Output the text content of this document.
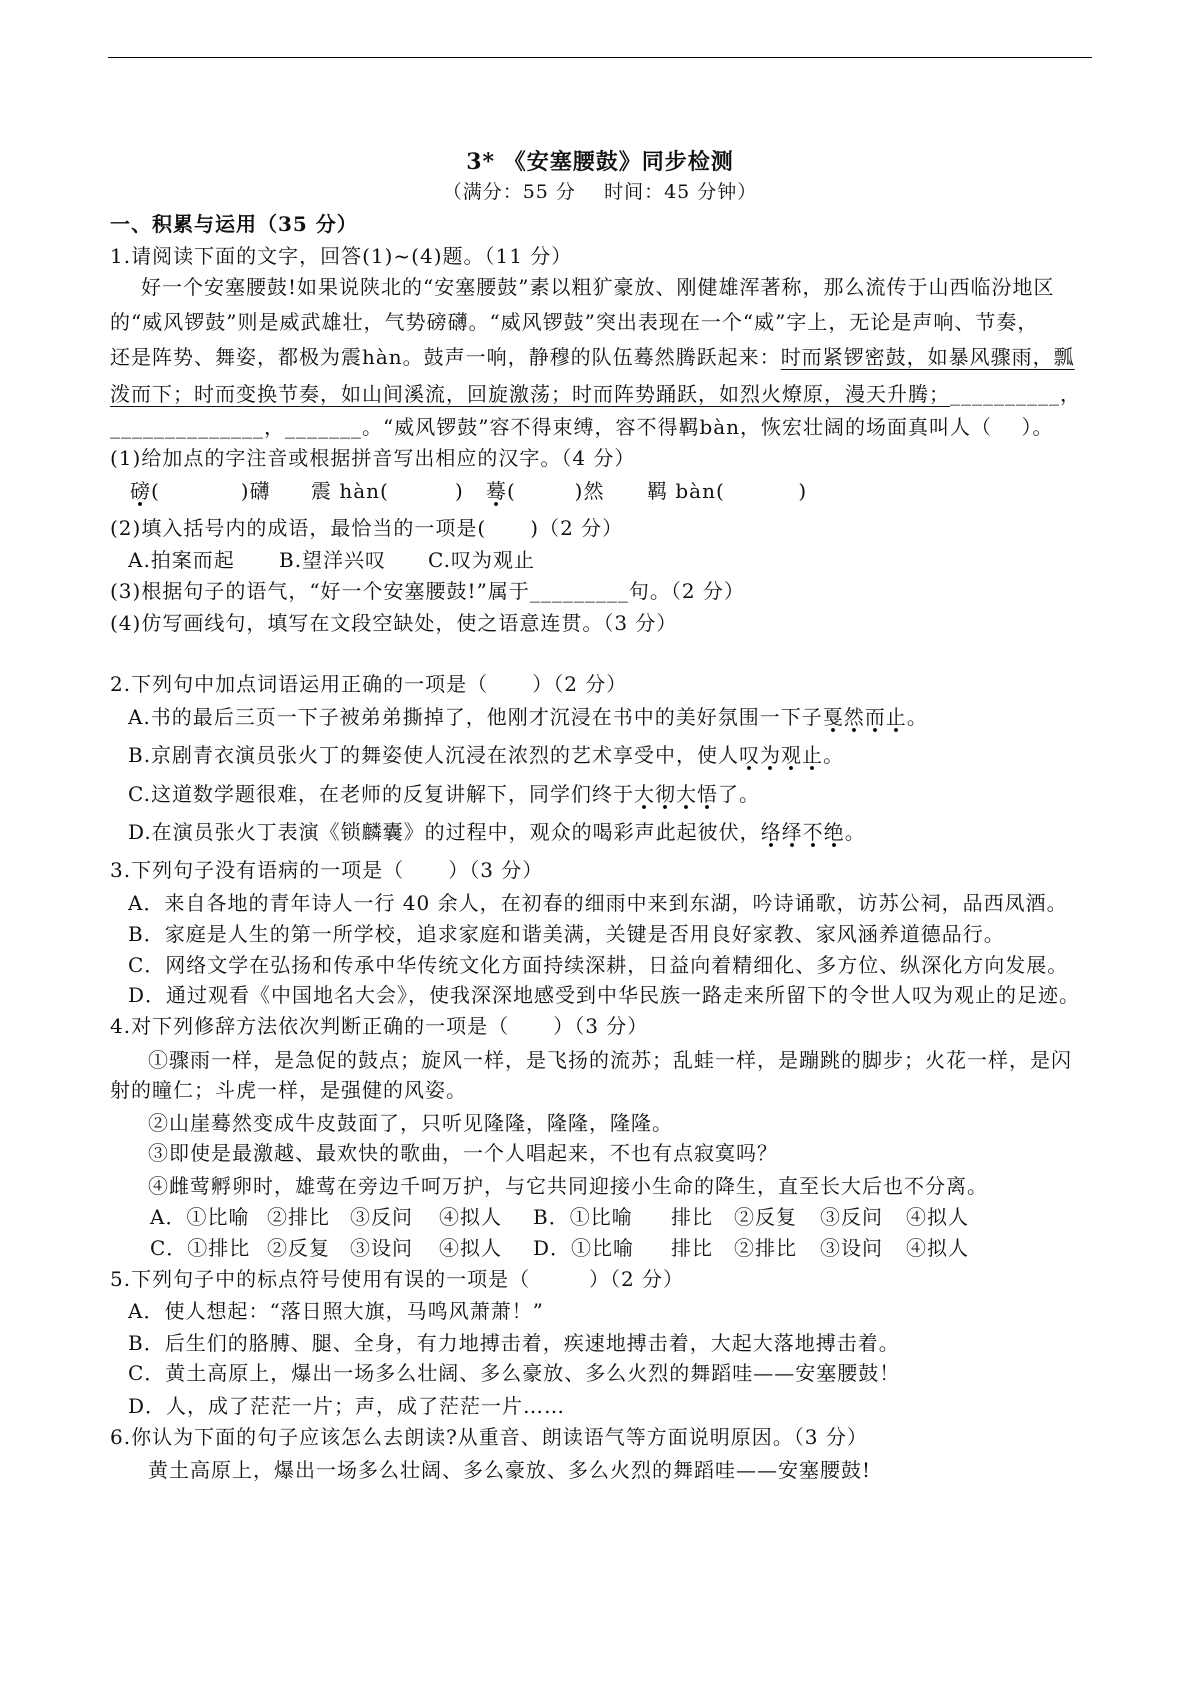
3* 《安塞腰鼓》同步检测
（满分：55 分    时间：45 分钟）
一、积累与运用（35 分）
1.请阅读下面的文字，回答(1)~(4)题。（11 分）
好一个安塞腰鼓!如果说陕北的“安塞腰鼓”素以粗犷豪放、刚健雄浑著称，那么流传于山西临汾地区
的“威风锣鼓”则是威武雄壮，气势磅礴。“威风锣鼓”突出表现在一个“威”字上，无论是声响、节奏，
还是阵势、舞姿，都极为震hàn。鼓声一响，静穆的队伍蓦然腾跃起来：时而紧锣密鼓，如暴风骤雨，瓢
泼而下；时而变换节奏，如山间溪流，回旋激荡；时而阵势踊跃，如烈火燎原，漫天升腾；__________，
______________，_______。“威风锣鼓”容不得束缚，容不得羁bàn，恢宏壮阔的场面真叫人（    ）。
(1)给加点的字注音或根据拼音写出相应的汉字。（4 分）
磅(           )礴 震 hàn(         ) 蓦(        )然 羁 bàn(          )
(2)填入括号内的成语，最恰当的一项是(      )（2 分）
A.拍案而起 B.望洋兴叹 C.叹为观止
(3)根据句子的语气，“好一个安塞腰鼓!”属于_________句。（2 分）
(4)仿写画线句，填写在文段空缺处，使之语意连贯。（3 分）
2.下列句中加点词语运用正确的一项是（      ）（2 分）
A.书的最后三页一下子被弟弟撕掉了，他刚才沉浸在书中的美好氛围一下子戛然而止。
B.京剧青衣演员张火丁的舞姿使人沉浸在浓烈的艺术享受中，使人叹为观止。
C.这道数学题很难，在老师的反复讲解下，同学们终于大彻大悟了。
D.在演员张火丁表演《锁麟囊》的过程中，观众的喝彩声此起彼伏，络绎不绝。
3.下列句子没有语病的一项是（      ）（3 分）
A．来自各地的青年诗人一行 40 余人，在初春的细雨中来到东湖，吟诗诵歌，访苏公祠，品西凤酒。
B．家庭是人生的第一所学校，追求家庭和谐美满，关键是否用良好家教、家风涵养道德品行。
C．网络文学在弘扬和传承中华传统文化方面持续深耕，日益向着精细化、多方位、纵深化方向发展。
D．通过观看《中国地名大会》，使我深深地感受到中华民族一路走来所留下的令世人叹为观止的足迹。
4.对下列修辞方法依次判断正确的一项是（      ）（3 分）
①骤雨一样，是急促的鼓点；旋风一样，是飞扬的流苏；乱蛙一样，是蹦跳的脚步；火花一样，是闪
射的瞳仁；斗虎一样，是强健的风姿。
②山崖蓦然变成牛皮鼓面了，只听见隆隆，隆隆，隆隆。
③即使是最激越、最欢快的歌曲，一个人唱起来，不也有点寂寞吗？
④雌莺孵卵时，雄莺在旁边千呵万护，与它共同迎接小生命的降生，直至长大后也不分离。
A．①比喻 ②排比 ③反问 ④拟人 B．①比喻 排比 ②反复 ③反问 ④拟人
C．①排比 ②反复 ③设问 ④拟人 D．①比喻 排比 ②排比 ③设问 ④拟人
5.下列句子中的标点符号使用有误的一项是（        ）（2 分）
A．使人想起：“落日照大旗，马鸣风萧萧！”
B．后生们的胳膊、腿、全身，有力地搏击着，疾速地搏击着，大起大落地搏击着。
C．黄土高原上，爆出一场多么壮阔、多么豪放、多么火烈的舞蹈哇——安塞腰鼓！
D．人，成了茫茫一片；声，成了茫茫一片……
6.你认为下面的句子应该怎么去朗读?从重音、朗读语气等方面说明原因。（3 分）
黄土高原上，爆出一场多么壮阔、多么豪放、多么火烈的舞蹈哇——安塞腰鼓!
